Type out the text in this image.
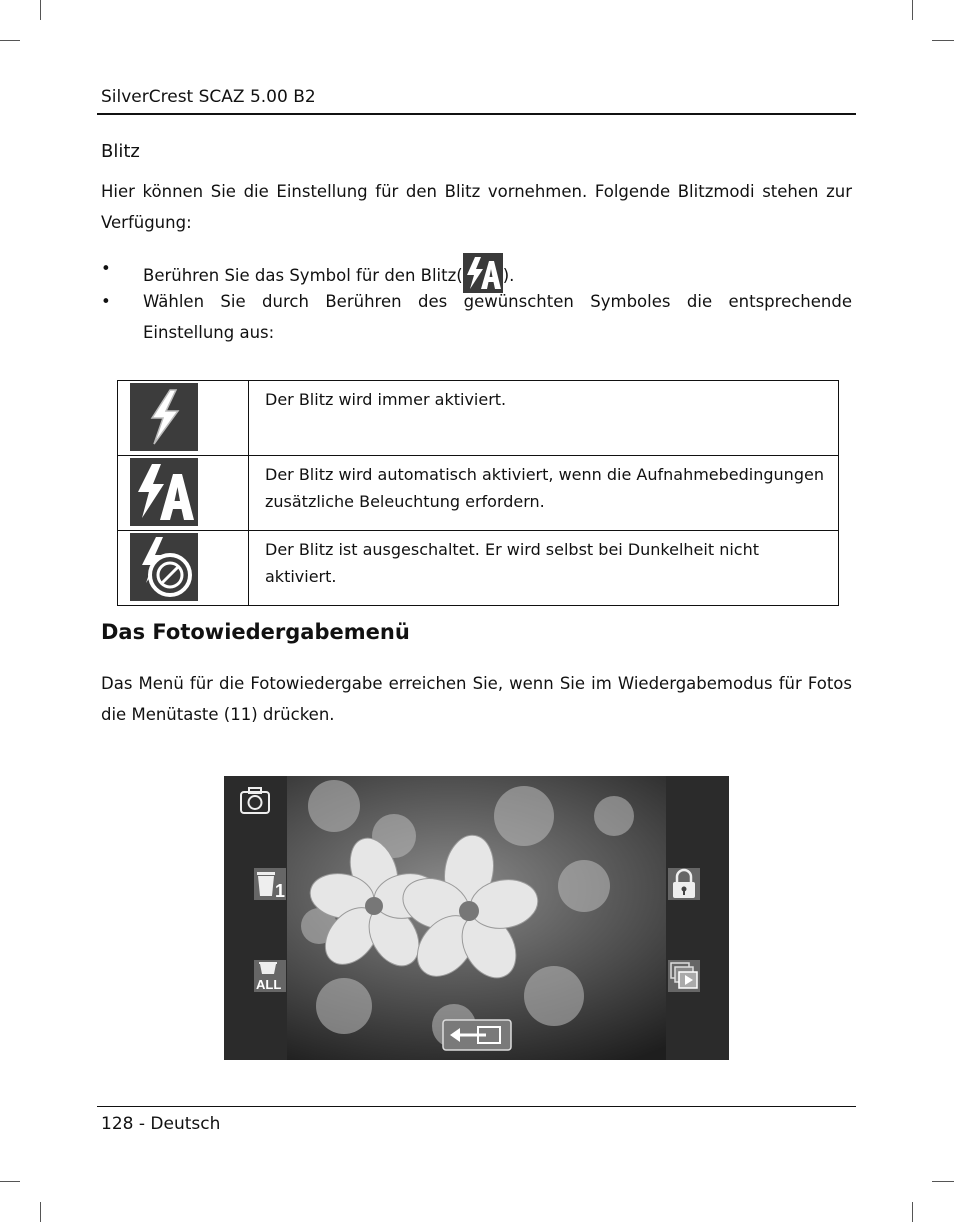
SilverCrest SCAZ 5.00 B2
Blitz
Hier können Sie die Einstellung für den Blitz vornehmen. Folgende Blitzmodi stehen zur Verfügung:
• Berühren Sie das Symbol für den Blitz( ).
• Wählen Sie durch Berühren des gewünschten Symboles die entsprechende Einstellung aus:
	Der Blitz wird immer aktiviert.
	Der Blitz wird automatisch aktiviert, wenn die Aufnahmebedingungen zusätzliche Beleuchtung erfordern.
	Der Blitz ist ausgeschaltet. Er wird selbst bei Dunkelheit nicht aktiviert.
Das Fotowiedergabemenü
Das Menü für die Fotowiedergabe erreichen Sie, wenn Sie im Wiedergabemodus für Fotos die Menütaste (11) drücken.
1
ALL
128 - Deutsch
